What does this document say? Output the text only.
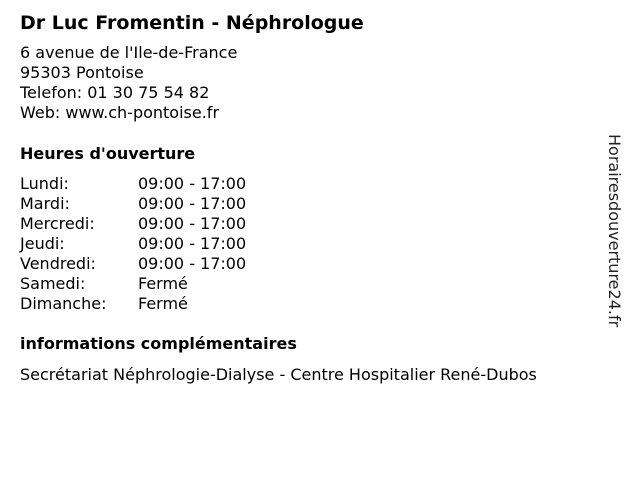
Dr Luc Fromentin - Néphrologue
6 avenue de l'Ile-de-France
95303 Pontoise
Telefon: 01 30 75 54 82
Web: www.ch-pontoise.fr
Heures d'ouverture
Lundi:	09:00 - 17:00
Mardi:	09:00 - 17:00
Mercredi:	09:00 - 17:00
Jeudi:	09:00 - 17:00
Vendredi:	09:00 - 17:00
Samedi:	Fermé
Dimanche:	Fermé
informations complémentaires
Secrétariat Néphrologie-Dialyse - Centre Hospitalier René-Dubos
Horairesdouverture24.fr
